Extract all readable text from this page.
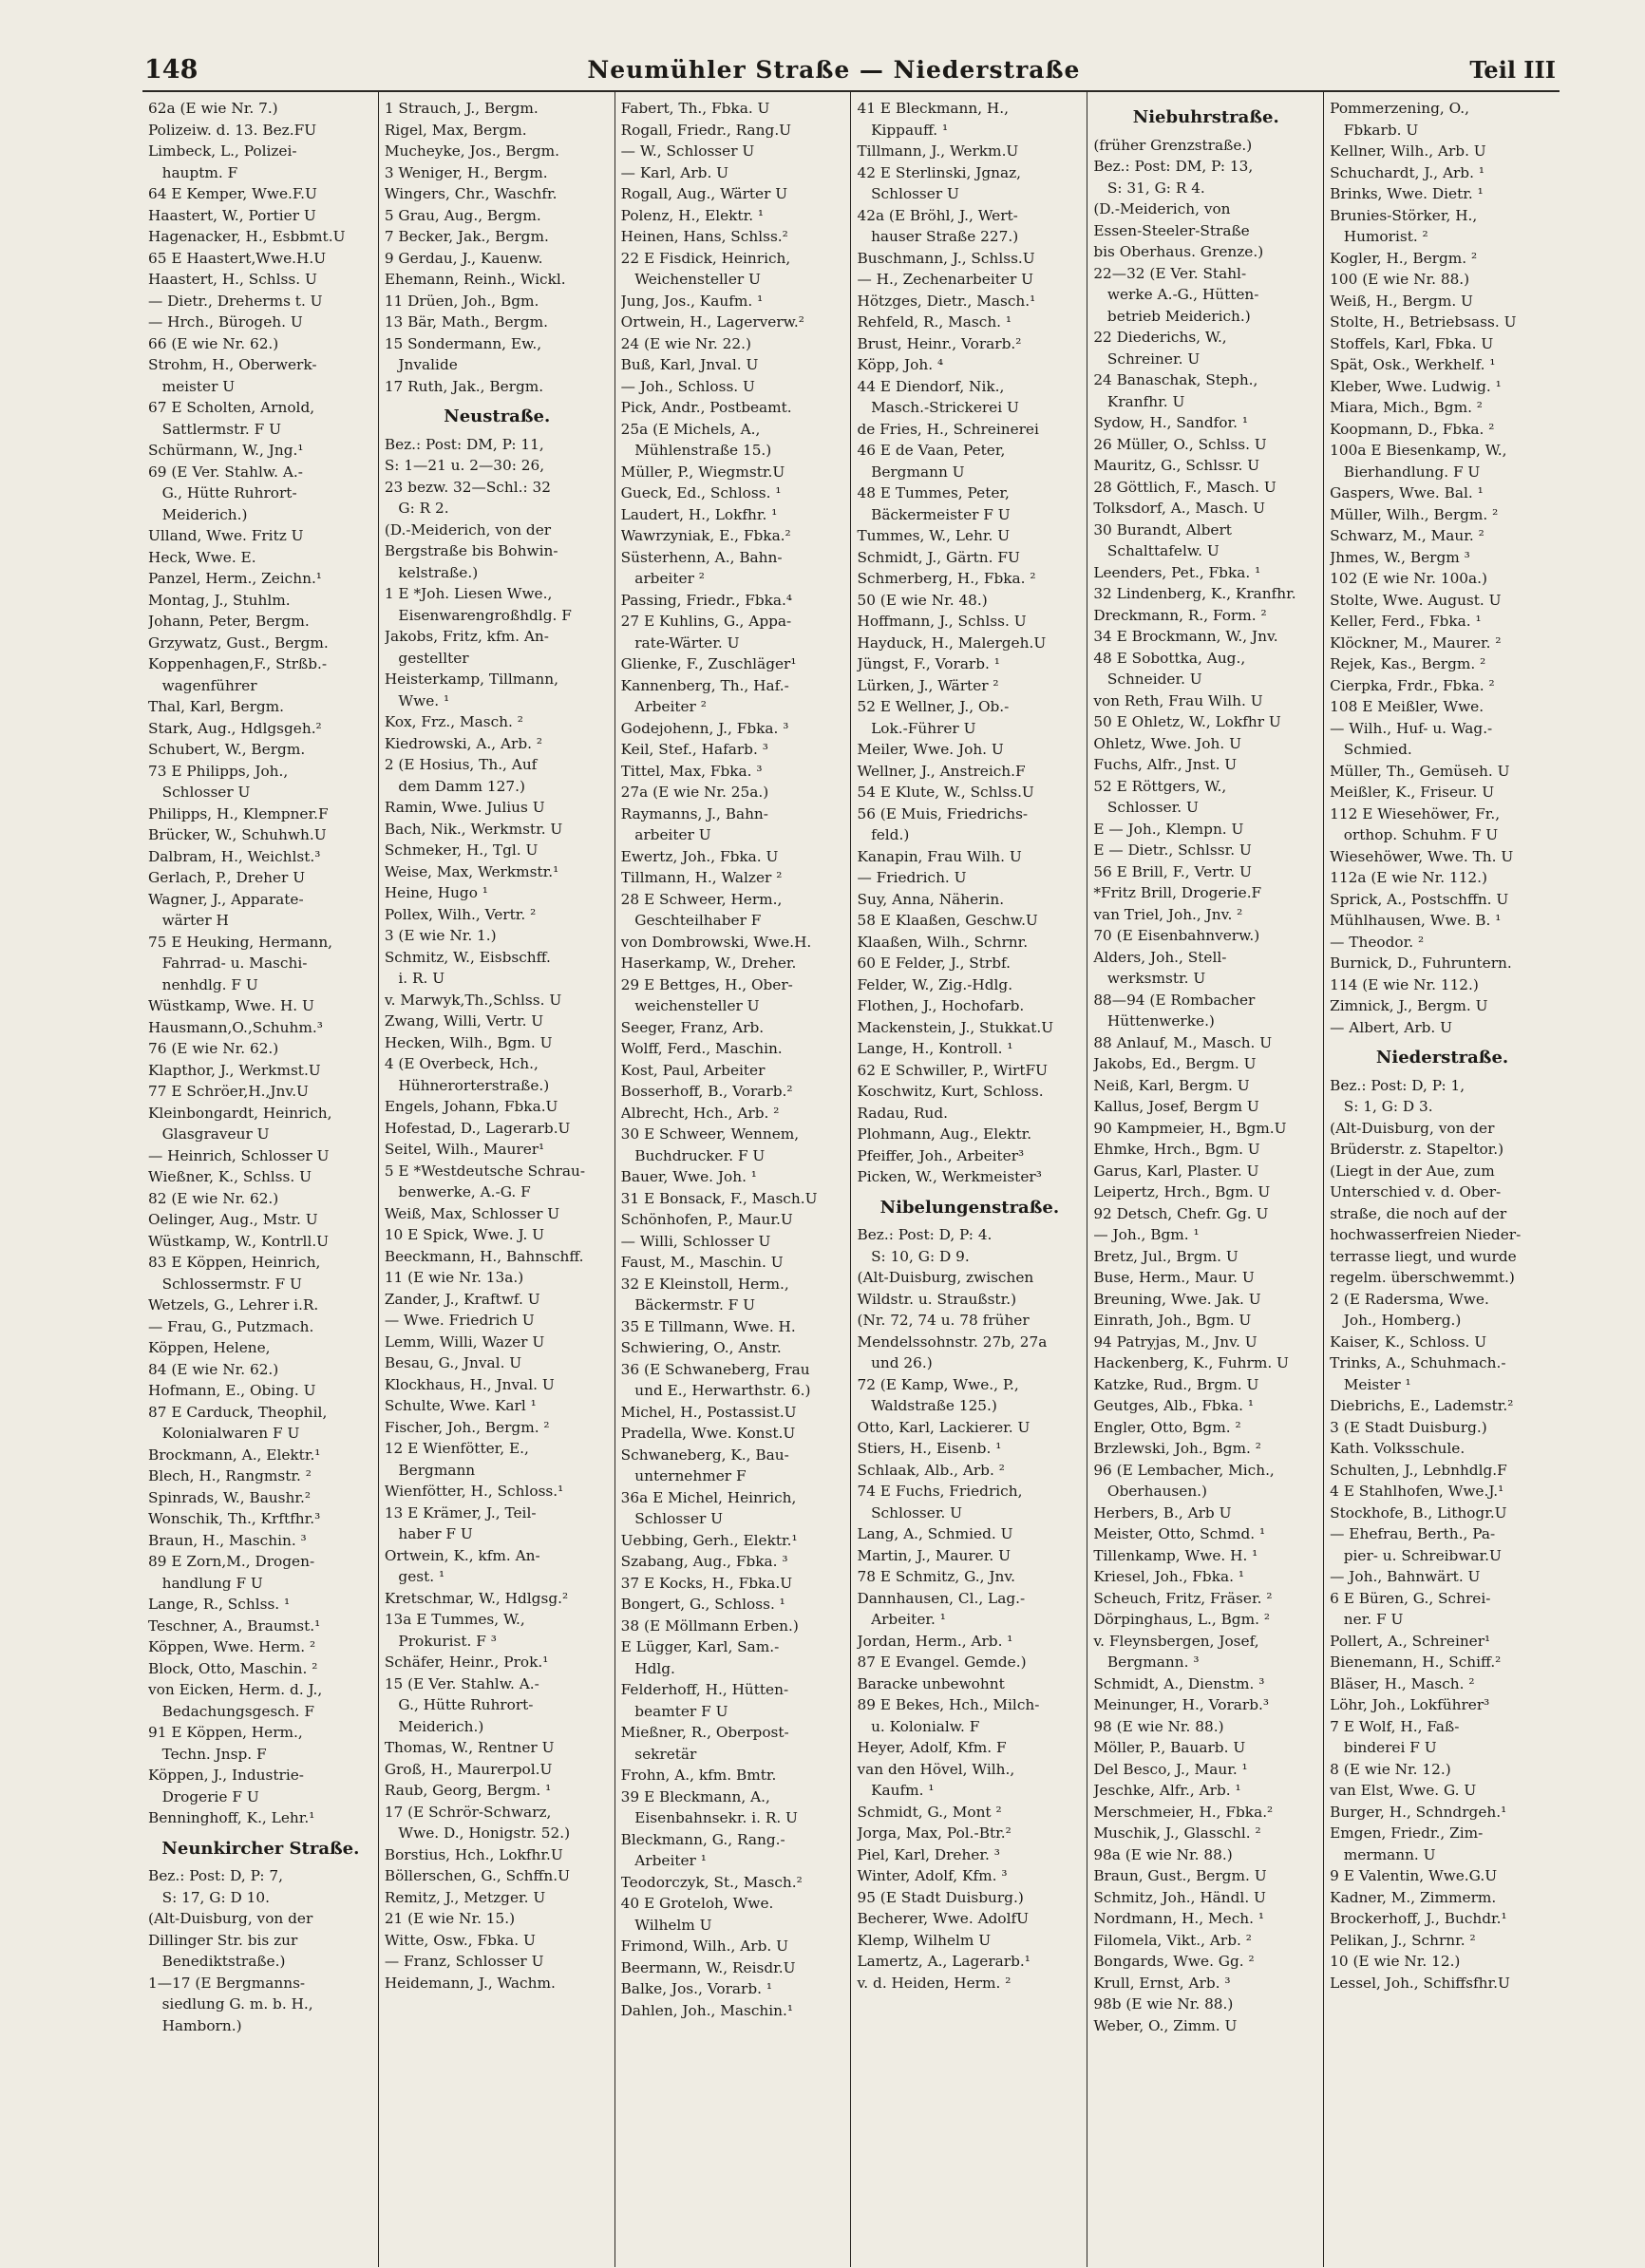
148	Neumühler Straße — Niederstraße	Teil III
62a (E wie Nr. 7.)
Polizeiw. d. 13. Bez.FU
Limbeck, L., Polizei-
hauptm. F
64 E Kemper, Wwe.F.U
Haastert, W., Portier U
Hagenacker, H., Esbbmt.U
65 E Haastert,Wwe.H.U
Haastert, H., Schlss. U
— Dietr., Dreherms t. U
— Hrch., Bürogeh. U
66 (E wie Nr. 62.)
Strohm, H., Oberwerk-
meister U
67 E Scholten, Arnold,
Sattlermstr. F U
Schürmann, W., Jng.¹
69 (E Ver. Stahlw. A.-
G., Hütte Ruhrort-
Meiderich.)
Ulland, Wwe. Fritz U
Heck, Wwe. E.
Panzel, Herm., Zeichn.¹
Montag, J., Stuhlm.
Johann, Peter, Bergm.
Grzywatz, Gust., Bergm.
Koppenhagen,F., Strßb.-
wagenführer
Thal, Karl, Bergm.
Stark, Aug., Hdlgsgeh.²
Schubert, W., Bergm.
73 E Philipps, Joh.,
Schlosser U
Philipps, H., Klempner.F
Brücker, W., Schuhwh.U
Dalbram, H., Weichlst.³
Gerlach, P., Dreher U
Wagner, J., Apparate-
wärter H
75 E Heuking, Hermann,
Fahrrad- u. Maschi-
nenhdlg. F U
Wüstkamp, Wwe. H. U
Hausmann,O.,Schuhm.³
76 (E wie Nr. 62.)
Klapthor, J., Werkmst.U
77 E Schröer,H.,Jnv.U
Kleinbongardt, Heinrich,
Glasgraveur U
— Heinrich, Schlosser U
Wießner, K., Schlss. U
82 (E wie Nr. 62.)
Oelinger, Aug., Mstr. U
Wüstkamp, W., Kontrll.U
83 E Köppen, Heinrich,
Schlossermstr. F U
Wetzels, G., Lehrer i.R.
— Frau, G., Putzmach.
Köppen, Helene,
84 (E wie Nr. 62.)
Hofmann, E., Obing. U
87 E Carduck, Theophil,
Kolonialwaren F U
Brockmann, A., Elektr.¹
Blech, H., Rangmstr. ²
Spinrads, W., Baushr.²
Wonschik, Th., Krftfhr.³
Braun, H., Maschin. ³
89 E Zorn,M., Drogen-
handlung F U
Lange, R., Schlss. ¹
Teschner, A., Braumst.¹
Köppen, Wwe. Herm. ²
Block, Otto, Maschin. ²
von Eicken, Herm. d. J.,
Bedachungsgesch. F
91 E Köppen, Herm.,
Techn. Jnsp. F
Köppen, J., Industrie-
Drogerie F U
Benninghoff, K., Lehr.¹
Neunkircher Straße.
Bez.: Post: D, P: 7,
S: 17, G: D 10.
(Alt-Duisburg, von der
Dillinger Str. bis zur
Benediktstraße.)
1—17 (E Bergmanns-
siedlung G. m. b. H.,
Hamborn.)
1 Strauch, J., Bergm.
Rigel, Max, Bergm.
Mucheyke, Jos., Bergm.
3 Weniger, H., Bergm.
Wingers, Chr., Waschfr.
5 Grau, Aug., Bergm.
7 Becker, Jak., Bergm.
9 Gerdau, J., Kauenw.
Ehemann, Reinh., Wickl.
11 Drüen, Joh., Bgm.
13 Bär, Math., Bergm.
15 Sondermann, Ew.,
Jnvalide
17 Ruth, Jak., Bergm.
Neustraße.
Bez.: Post: DM, P: 11,
S: 1—21 u. 2—30: 26,
23 bezw. 32—Schl.: 32
G: R 2.
(D.-Meiderich, von der
Bergstraße bis Bohwin-
kelstraße.)
1 E *Joh. Liesen Wwe.,
Eisenwarengroßhdlg. F
Jakobs, Fritz, kfm. An-
gestellter
Heisterkamp, Tillmann,
Wwe. ¹
Kox, Frz., Masch. ²
Kiedrowski, A., Arb. ²
2 (E Hosius, Th., Auf
dem Damm 127.)
Ramin, Wwe. Julius U
Bach, Nik., Werkmstr. U
Schmeker, H., Tgl. U
Weise, Max, Werkmstr.¹
Heine, Hugo ¹
Pollex, Wilh., Vertr. ²
3 (E wie Nr. 1.)
Schmitz, W., Eisbschff.
i. R. U
v. Marwyk,Th.,Schlss. U
Zwang, Willi, Vertr. U
Hecken, Wilh., Bgm. U
4 (E Overbeck, Hch.,
Hühnerorterstraße.)
Engels, Johann, Fbka.U
Hofestad, D., Lagerarb.U
Seitel, Wilh., Maurer¹
5 E *Westdeutsche Schrau-
benwerke, A.-G. F
Weiß, Max, Schlosser U
10 E Spick, Wwe. J. U
Beeckmann, H., Bahnschff.
11 (E wie Nr. 13a.)
Zander, J., Kraftwf. U
— Wwe. Friedrich U
Lemm, Willi, Wazer U
Besau, G., Jnval. U
Klockhaus, H., Jnval. U
Schulte, Wwe. Karl ¹
Fischer, Joh., Bergm. ²
12 E Wienfötter, E.,
Bergmann
Wienfötter, H., Schloss.¹
13 E Krämer, J., Teil-
haber F U
Ortwein, K., kfm. An-
gest. ¹
Kretschmar, W., Hdlgsg.²
13a E Tummes, W.,
Prokurist. F ³
Schäfer, Heinr., Prok.¹
15 (E Ver. Stahlw. A.-
G., Hütte Ruhrort-
Meiderich.)
Thomas, W., Rentner U
Groß, H., Maurerpol.U
Raub, Georg, Bergm. ¹
17 (E Schrör-Schwarz,
Wwe. D., Honigstr. 52.)
Borstius, Hch., Lokfhr.U
Böllerschen, G., Schffn.U
Remitz, J., Metzger. U
21 (E wie Nr. 15.)
Witte, Osw., Fbka. U
— Franz, Schlosser U
Heidemann, J., Wachm.
Fabert, Th., Fbka. U
Rogall, Friedr., Rang.U
— W., Schlosser U
— Karl, Arb. U
Rogall, Aug., Wärter U
Polenz, H., Elektr. ¹
Heinen, Hans, Schlss.²
22 E Fisdick, Heinrich,
Weichensteller U
Jung, Jos., Kaufm. ¹
Ortwein, H., Lagerverw.²
24 (E wie Nr. 22.)
Buß, Karl, Jnval. U
— Joh., Schloss. U
Pick, Andr., Postbeamt.
25a (E Michels, A.,
Mühlenstraße 15.)
Müller, P., Wiegmstr.U
Gueck, Ed., Schloss. ¹
Laudert, H., Lokfhr. ¹
Wawrzyniak, E., Fbka.²
Süsterhenn, A., Bahn-
arbeiter ²
Passing, Friedr., Fbka.⁴
27 E Kuhlins, G., Appa-
rate-Wärter. U
Glienke, F., Zuschläger¹
Kannenberg, Th., Haf.-
Arbeiter ²
Godejohenn, J., Fbka. ³
Keil, Stef., Hafarb. ³
Tittel, Max, Fbka. ³
27a (E wie Nr. 25a.)
Raymanns, J., Bahn-
arbeiter U
Ewertz, Joh., Fbka. U
Tillmann, H., Walzer ²
28 E Schweer, Herm.,
Geschteilhaber F
von Dombrowski, Wwe.H.
Haserkamp, W., Dreher.
29 E Bettges, H., Ober-
weichensteller U
Seeger, Franz, Arb.
Wolff, Ferd., Maschin.
Kost, Paul, Arbeiter
Bosserhoff, B., Vorarb.²
Albrecht, Hch., Arb. ²
30 E Schweer, Wennem,
Buchdrucker. F U
Bauer, Wwe. Joh. ¹
31 E Bonsack, F., Masch.U
Schönhofen, P., Maur.U
— Willi, Schlosser U
Faust, M., Maschin. U
32 E Kleinstoll, Herm.,
Bäckermstr. F U
35 E Tillmann, Wwe. H.
Schwiering, O., Anstr.
36 (E Schwaneberg, Frau
und E., Herwarthstr. 6.)
Michel, H., Postassist.U
Pradella, Wwe. Konst.U
Schwaneberg, K., Bau-
unternehmer F
36a E Michel, Heinrich,
Schlosser U
Uebbing, Gerh., Elektr.¹
Szabang, Aug., Fbka. ³
37 E Kocks, H., Fbka.U
Bongert, G., Schloss. ¹
38 (E Möllmann Erben.)
E Lügger, Karl, Sam.-
Hdlg.
Felderhoff, H., Hütten-
beamter F U
Mießner, R., Oberpost-
sekretär
Frohn, A., kfm. Bmtr.
39 E Bleckmann, A.,
Eisenbahnsekr. i. R. U
Bleckmann, G., Rang.-
Arbeiter ¹
Teodorczyk, St., Masch.²
40 E Groteloh, Wwe.
Wilhelm U
Frimond, Wilh., Arb. U
Beermann, W., Reisdr.U
Balke, Jos., Vorarb. ¹
Dahlen, Joh., Maschin.¹
41 E Bleckmann, H.,
Kippauff. ¹
Tillmann, J., Werkm.U
42 E Sterlinski, Jgnaz,
Schlosser U
42a (E Bröhl, J., Wert-
hauser Straße 227.)
Buschmann, J., Schlss.U
— H., Zechenarbeiter U
Hötzges, Dietr., Masch.¹
Rehfeld, R., Masch. ¹
Brust, Heinr., Vorarb.²
Köpp, Joh. ⁴
44 E Diendorf, Nik.,
Masch.-Strickerei U
de Fries, H., Schreinerei
46 E de Vaan, Peter,
Bergmann U
48 E Tummes, Peter,
Bäckermeister F U
Tummes, W., Lehr. U
Schmidt, J., Gärtn. FU
Schmerberg, H., Fbka. ²
50 (E wie Nr. 48.)
Hoffmann, J., Schlss. U
Hayduck, H., Malergeh.U
Jüngst, F., Vorarb. ¹
Lürken, J., Wärter ²
52 E Wellner, J., Ob.-
Lok.-Führer U
Meiler, Wwe. Joh. U
Wellner, J., Anstreich.F
54 E Klute, W., Schlss.U
56 (E Muis, Friedrichs-
feld.)
Kanapin, Frau Wilh. U
— Friedrich. U
Suy, Anna, Näherin.
58 E Klaaßen, Geschw.U
Klaaßen, Wilh., Schrnr.
60 E Felder, J., Strbf.
Felder, W., Zig.-Hdlg.
Flothen, J., Hochofarb.
Mackenstein, J., Stukkat.U
Lange, H., Kontroll. ¹
62 E Schwiller, P., WirtFU
Koschwitz, Kurt, Schloss.
Radau, Rud.
Plohmann, Aug., Elektr.
Pfeiffer, Joh., Arbeiter³
Picken, W., Werkmeister³
Nibelungenstraße.
Bez.: Post: D, P: 4.
S: 10, G: D 9.
(Alt-Duisburg, zwischen
Wildstr. u. Straußstr.)
(Nr. 72, 74 u. 78 früher
Mendelssohnstr. 27b, 27a
und 26.)
72 (E Kamp, Wwe., P.,
Waldstraße 125.)
Otto, Karl, Lackierer. U
Stiers, H., Eisenb. ¹
Schlaak, Alb., Arb. ²
74 E Fuchs, Friedrich,
Schlosser. U
Lang, A., Schmied. U
Martin, J., Maurer. U
78 E Schmitz, G., Jnv.
Dannhausen, Cl., Lag.-
Arbeiter. ¹
Jordan, Herm., Arb. ¹
87 E Evangel. Gemde.)
Baracke unbewohnt
89 E Bekes, Hch., Milch-
u. Kolonialw. F
Heyer, Adolf, Kfm. F
van den Hövel, Wilh.,
Kaufm. ¹
Schmidt, G., Mont ²
Jorga, Max, Pol.-Btr.²
Piel, Karl, Dreher. ³
Winter, Adolf, Kfm. ³
95 (E Stadt Duisburg.)
Becherer, Wwe. AdolfU
Klemp, Wilhelm U
Lamertz, A., Lagerarb.¹
v. d. Heiden, Herm. ²
Niebuhrstraße.
(früher Grenzstraße.)
Bez.: Post: DM, P: 13,
S: 31, G: R 4.
(D.-Meiderich, von
Essen-Steeler-Straße
bis Oberhaus. Grenze.)
22—32 (E Ver. Stahl-
werke A.-G., Hütten-
betrieb Meiderich.)
22 Diederichs, W.,
Schreiner. U
24 Banaschak, Steph.,
Kranfhr. U
Sydow, H., Sandfor. ¹
26 Müller, O., Schlss. U
Mauritz, G., Schlssr. U
28 Göttlich, F., Masch. U
Tolksdorf, A., Masch. U
30 Burandt, Albert
Schalttafelw. U
Leenders, Pet., Fbka. ¹
32 Lindenberg, K., Kranfhr.
Dreckmann, R., Form. ²
34 E Brockmann, W., Jnv.
48 E Sobottka, Aug.,
Schneider. U
von Reth, Frau Wilh. U
50 E Ohletz, W., Lokfhr U
Ohletz, Wwe. Joh. U
Fuchs, Alfr., Jnst. U
52 E Röttgers, W.,
Schlosser. U
E — Joh., Klempn. U
E — Dietr., Schlssr. U
56 E Brill, F., Vertr. U
*Fritz Brill, Drogerie.F
van Triel, Joh., Jnv. ²
70 (E Eisenbahnverw.)
Alders, Joh., Stell-
werksmstr. U
88—94 (E Rombacher
Hüttenwerke.)
88 Anlauf, M., Masch. U
Jakobs, Ed., Bergm. U
Neiß, Karl, Bergm. U
Kallus, Josef, Bergm U
90 Kampmeier, H., Bgm.U
Ehmke, Hrch., Bgm. U
Garus, Karl, Plaster. U
Leipertz, Hrch., Bgm. U
92 Detsch, Chefr. Gg. U
— Joh., Bgm. ¹
Bretz, Jul., Brgm. U
Buse, Herm., Maur. U
Breuning, Wwe. Jak. U
Einrath, Joh., Bgm. U
94 Patryjas, M., Jnv. U
Hackenberg, K., Fuhrm. U
Katzke, Rud., Brgm. U
Geutges, Alb., Fbka. ¹
Engler, Otto, Bgm. ²
Brzlewski, Joh., Bgm. ²
96 (E Lembacher, Mich.,
Oberhausen.)
Herbers, B., Arb U
Meister, Otto, Schmd. ¹
Tillenkamp, Wwe. H. ¹
Kriesel, Joh., Fbka. ¹
Scheuch, Fritz, Fräser. ²
Dörpinghaus, L., Bgm. ²
v. Fleynsbergen, Josef,
Bergmann. ³
Schmidt, A., Dienstm. ³
Meinunger, H., Vorarb.³
98 (E wie Nr. 88.)
Möller, P., Bauarb. U
Del Besco, J., Maur. ¹
Jeschke, Alfr., Arb. ¹
Merschmeier, H., Fbka.²
Muschik, J., Glasschl. ²
98a (E wie Nr. 88.)
Braun, Gust., Bergm. U
Schmitz, Joh., Händl. U
Nordmann, H., Mech. ¹
Filomela, Vikt., Arb. ²
Bongards, Wwe. Gg. ²
Krull, Ernst, Arb. ³
98b (E wie Nr. 88.)
Weber, O., Zimm. U
Pommerzening, O.,
Fbkarb. U
Kellner, Wilh., Arb. U
Schuchardt, J., Arb. ¹
Brinks, Wwe. Dietr. ¹
Brunies-Störker, H.,
Humorist. ²
Kogler, H., Bergm. ²
100 (E wie Nr. 88.)
Weiß, H., Bergm. U
Stolte, H., Betriebsass. U
Stoffels, Karl, Fbka. U
Spät, Osk., Werkhelf. ¹
Kleber, Wwe. Ludwig. ¹
Miara, Mich., Bgm. ²
Koopmann, D., Fbka. ²
100a E Biesenkamp, W.,
Bierhandlung. F U
Gaspers, Wwe. Bal. ¹
Müller, Wilh., Bergm. ²
Schwarz, M., Maur. ²
Jhmes, W., Bergm ³
102 (E wie Nr. 100a.)
Stolte, Wwe. August. U
Keller, Ferd., Fbka. ¹
Klöckner, M., Maurer. ²
Rejek, Kas., Bergm. ²
Cierpka, Frdr., Fbka. ²
108 E Meißler, Wwe.
— Wilh., Huf- u. Wag.-
Schmied.
Müller, Th., Gemüseh. U
Meißler, K., Friseur. U
112 E Wiesehöwer, Fr.,
orthop. Schuhm. F U
Wiesehöwer, Wwe. Th. U
112a (E wie Nr. 112.)
Sprick, A., Postschffn. U
Mühlhausen, Wwe. B. ¹
— Theodor. ²
Burnick, D., Fuhruntern.
114 (E wie Nr. 112.)
Zimnick, J., Bergm. U
— Albert, Arb. U
Niederstraße.
Bez.: Post: D, P: 1,
S: 1, G: D 3.
(Alt-Duisburg, von der
Brüderstr. z. Stapeltor.)
(Liegt in der Aue, zum
Unterschied v. d. Ober-
straße, die noch auf der
hochwasserfreien Nieder-
terrasse liegt, und wurde
regelm. überschwemmt.)
2 (E Radersma, Wwe.
Joh., Homberg.)
Kaiser, K., Schloss. U
Trinks, A., Schuhmach.-
Meister ¹
Diebrichs, E., Lademstr.²
3 (E Stadt Duisburg.)
Kath. Volksschule.
Schulten, J., Lebnhdlg.F
4 E Stahlhofen, Wwe.J.¹
Stockhofe, B., Lithogr.U
— Ehefrau, Berth., Pa-
pier- u. Schreibwar.U
— Joh., Bahnwärt. U
6 E Büren, G., Schrei-
ner. F U
Pollert, A., Schreiner¹
Bienemann, H., Schiff.²
Bläser, H., Masch. ²
Löhr, Joh., Lokführer³
7 E Wolf, H., Faß-
binderei F U
8 (E wie Nr. 12.)
van Elst, Wwe. G. U
Burger, H., Schndrgeh.¹
Emgen, Friedr., Zim-
mermann. U
9 E Valentin, Wwe.G.U
Kadner, M., Zimmerm.
Brockerhoff, J., Buchdr.¹
Pelikan, J., Schrnr. ²
10 (E wie Nr. 12.)
Lessel, Joh., Schiffsfhr.U
